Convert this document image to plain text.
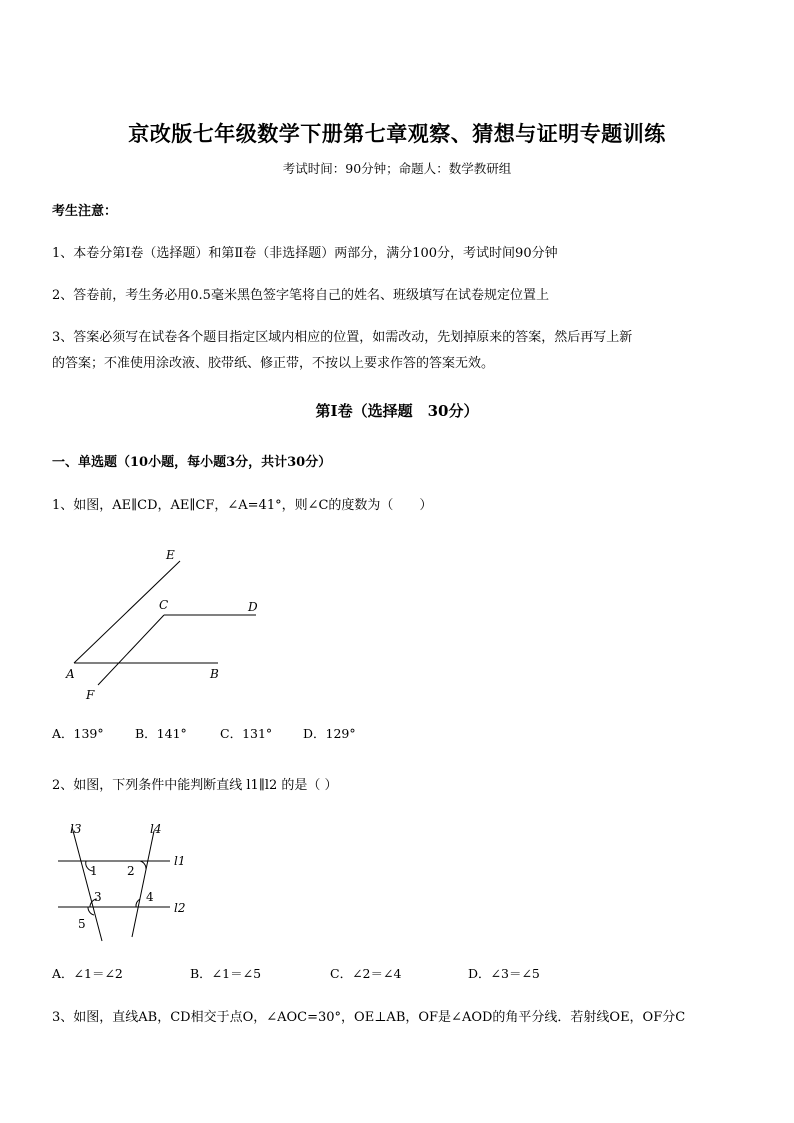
京改版七年级数学下册第七章观察、猜想与证明专题训练
考试时间：90分钟；命题人：数学教研组
考生注意：
1、本卷分第Ⅰ卷（选择题）和第Ⅱ卷（非选择题）两部分，满分100分，考试时间90分钟
2、答卷前，考生务必用0.5毫米黑色签字笔将自己的姓名、班级填写在试卷规定位置上
3、答案必须写在试卷各个题目指定区域内相应的位置，如需改动，先划掉原来的答案，然后再写上新
的答案；不准使用涂改液、胶带纸、修正带，不按以上要求作答的答案无效。
第Ⅰ卷（选择题　30分）
一、单选题（10小题，每小题3分，共计30分）
1、如图，AE∥CD，AE∥CF，∠A=41°，则∠C的度数为（　　）
E
C	D
A	B
F
A．139°	B．141°	C．131° D．129°
2、如图，下列条件中能判断直线 l1∥l2 的是（ ）
l3	l4
l1
l2
1 2
3	4
5
A．∠1＝∠2	B．∠1＝∠5	C．∠2＝∠4	D．∠3＝∠5
3、如图，直线AB，CD相交于点O，∠AOC=30°，OE⊥AB，OF是∠AOD的角平分线．若射线OE，OF分C
